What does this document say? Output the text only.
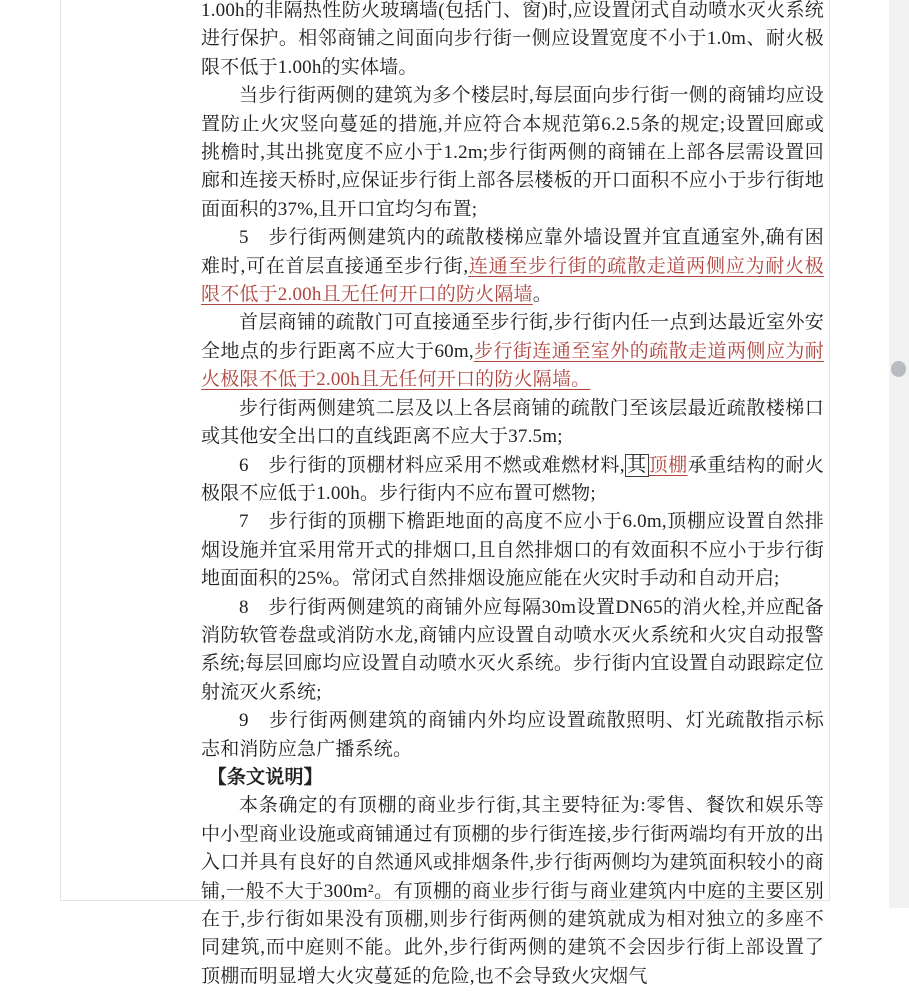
1.00h的非隔热性防火玻璃墙(包括门、窗)时,应设置闭式自动喷水灭火系统进行保护。相邻商铺之间面向步行街一侧应设置宽度不小于1.0m、耐火极限不低于1.00h的实体墙。

当步行街两侧的建筑为多个楼层时,每层面向步行街一侧的商铺均应设置防止火灾竖向蔓延的措施,并应符合本规范第6.2.5条的规定;设置回廊或挑檐时,其出挑宽度不应小于1.2m;步行街两侧的商铺在上部各层需设置回廊和连接天桥时,应保证步行街上部各层楼板的开口面积不应小于步行街地面面积的37%,且开口宜均匀布置;

5　步行街两侧建筑内的疏散楼梯应靠外墙设置并宜直通室外,确有困难时,可在首层直接通至步行街,连通至步行街的疏散走道两侧应为耐火极限不低于2.00h且无任何开口的防火隔墙。

首层商铺的疏散门可直接通至步行街,步行街内任一点到达最近室外安全地点的步行距离不应大于60m,步行街连通至室外的疏散走道两侧应为耐火极限不低于2.00h且无任何开口的防火隔墙。

步行街两侧建筑二层及以上各层商铺的疏散门至该层最近疏散楼梯口或其他安全出口的直线距离不应大于37.5m;

6　步行街的顶棚材料应采用不燃或难燃材料, 其 顶棚承重结构的耐火极限不应低于1.00h。步行街内不应布置可燃物;

7　步行街的顶棚下檐距地面的高度不应小于6.0m,顶棚应设置自然排烟设施并宜采用常开式的排烟口,且自然排烟口的有效面积不应小于步行街地面面积的25%。常闭式自然排烟设施应能在火灾时手动和自动开启;

8　步行街两侧建筑的商铺外应每隔30m设置DN65的消火栓,并应配备消防软管卷盘或消防水龙,商铺内应设置自动喷水灭火系统和火灾自动报警系统;每层回廊均应设置自动喷水灭火系统。步行街内宜设置自动跟踪定位射流灭火系统;

9　步行街两侧建筑的商铺内外均应设置疏散照明、灯光疏散指示标志和消防应急广播系统。

【条文说明】

本条确定的有顶棚的商业步行街,其主要特征为:零售、餐饮和娱乐等中小型商业设施或商铺通过有顶棚的步行街连接,步行街两端均有开放的出入口并具有良好的自然通风或排烟条件,步行街两侧均为建筑面积较小的商铺,一般不大于300m²。有顶棚的商业步行街与商业建筑内中庭的主要区别在于,步行街如果没有顶棚,则步行街两侧的建筑就成为相对独立的多座不同建筑,而中庭则不能。此外,步行街两侧的建筑不会因步行街上部设置了顶棚而明显增大火灾蔓延的危险,也不会导致火灾烟气
